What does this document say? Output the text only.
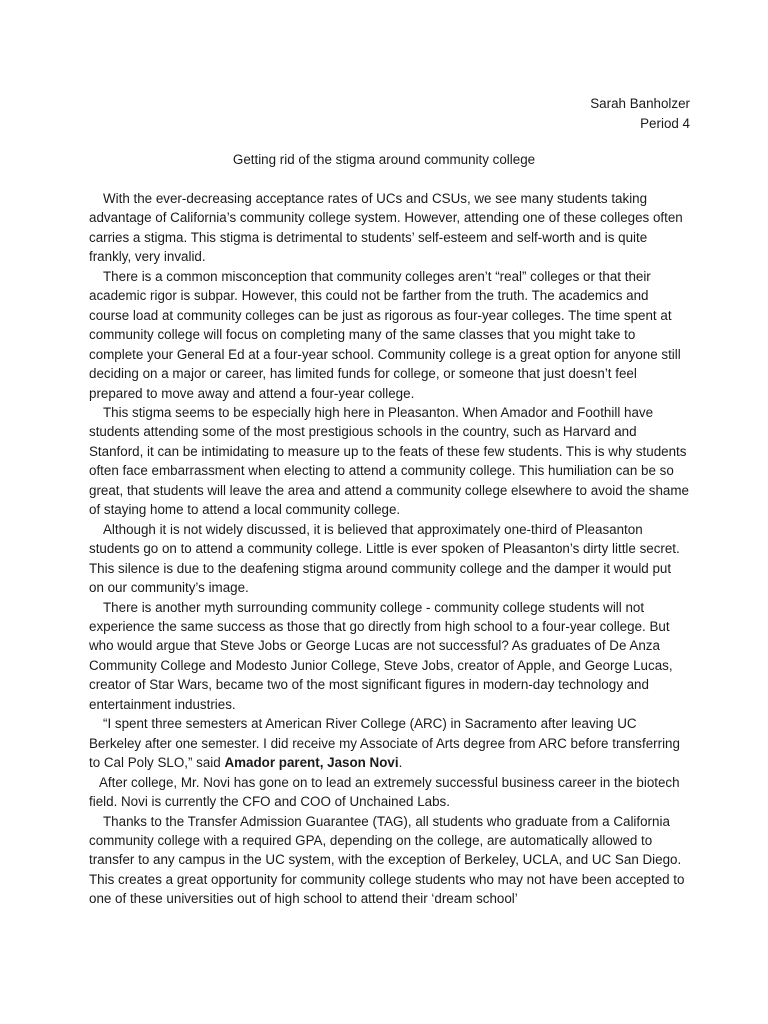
Sarah Banholzer
Period 4
Getting rid of the stigma around community college

With the ever-decreasing acceptance rates of UCs and CSUs, we see many students taking advantage of California’s community college system. However, attending one of these colleges often carries a stigma. This stigma is detrimental to students’ self-esteem and self-worth and is quite frankly, very invalid.

There is a common misconception that community colleges aren’t “real” colleges or that their academic rigor is subpar. However, this could not be farther from the truth. The academics and course load at community colleges can be just as rigorous as four-year colleges. The time spent at community college will focus on completing many of the same classes that you might take to complete your General Ed at a four-year school. Community college is a great option for anyone still deciding on a major or career, has limited funds for college, or someone that just doesn’t feel prepared to move away and attend a four-year college.

This stigma seems to be especially high here in Pleasanton. When Amador and Foothill have students attending some of the most prestigious schools in the country, such as Harvard and Stanford, it can be intimidating to measure up to the feats of these few students. This is why students often face embarrassment when electing to attend a community college. This humiliation can be so great, that students will leave the area and attend a community college elsewhere to avoid the shame of staying home to attend a local community college.

Although it is not widely discussed, it is believed that approximately one-third of Pleasanton students go on to attend a community college. Little is ever spoken of Pleasanton’s dirty little secret. This silence is due to the deafening stigma around community college and the damper it would put on our community’s image.

There is another myth surrounding community college - community college students will not experience the same success as those that go directly from high school to a four-year college. But who would argue that Steve Jobs or George Lucas are not successful? As graduates of De Anza Community College and Modesto Junior College, Steve Jobs, creator of Apple, and George Lucas, creator of Star Wars, became two of the most significant figures in modern-day technology and entertainment industries.

“I spent three semesters at American River College (ARC) in Sacramento after leaving UC Berkeley after one semester. I did receive my Associate of Arts degree from ARC before transferring to Cal Poly SLO,” said Amador parent, Jason Novi.

After college, Mr. Novi has gone on to lead an extremely successful business career in the biotech field. Novi is currently the CFO and COO of Unchained Labs.

Thanks to the Transfer Admission Guarantee (TAG), all students who graduate from a California community college with a required GPA, depending on the college, are automatically allowed to transfer to any campus in the UC system, with the exception of Berkeley, UCLA, and UC San Diego. This creates a great opportunity for community college students who may not have been accepted to one of these universities out of high school to attend their ‘dream school’
